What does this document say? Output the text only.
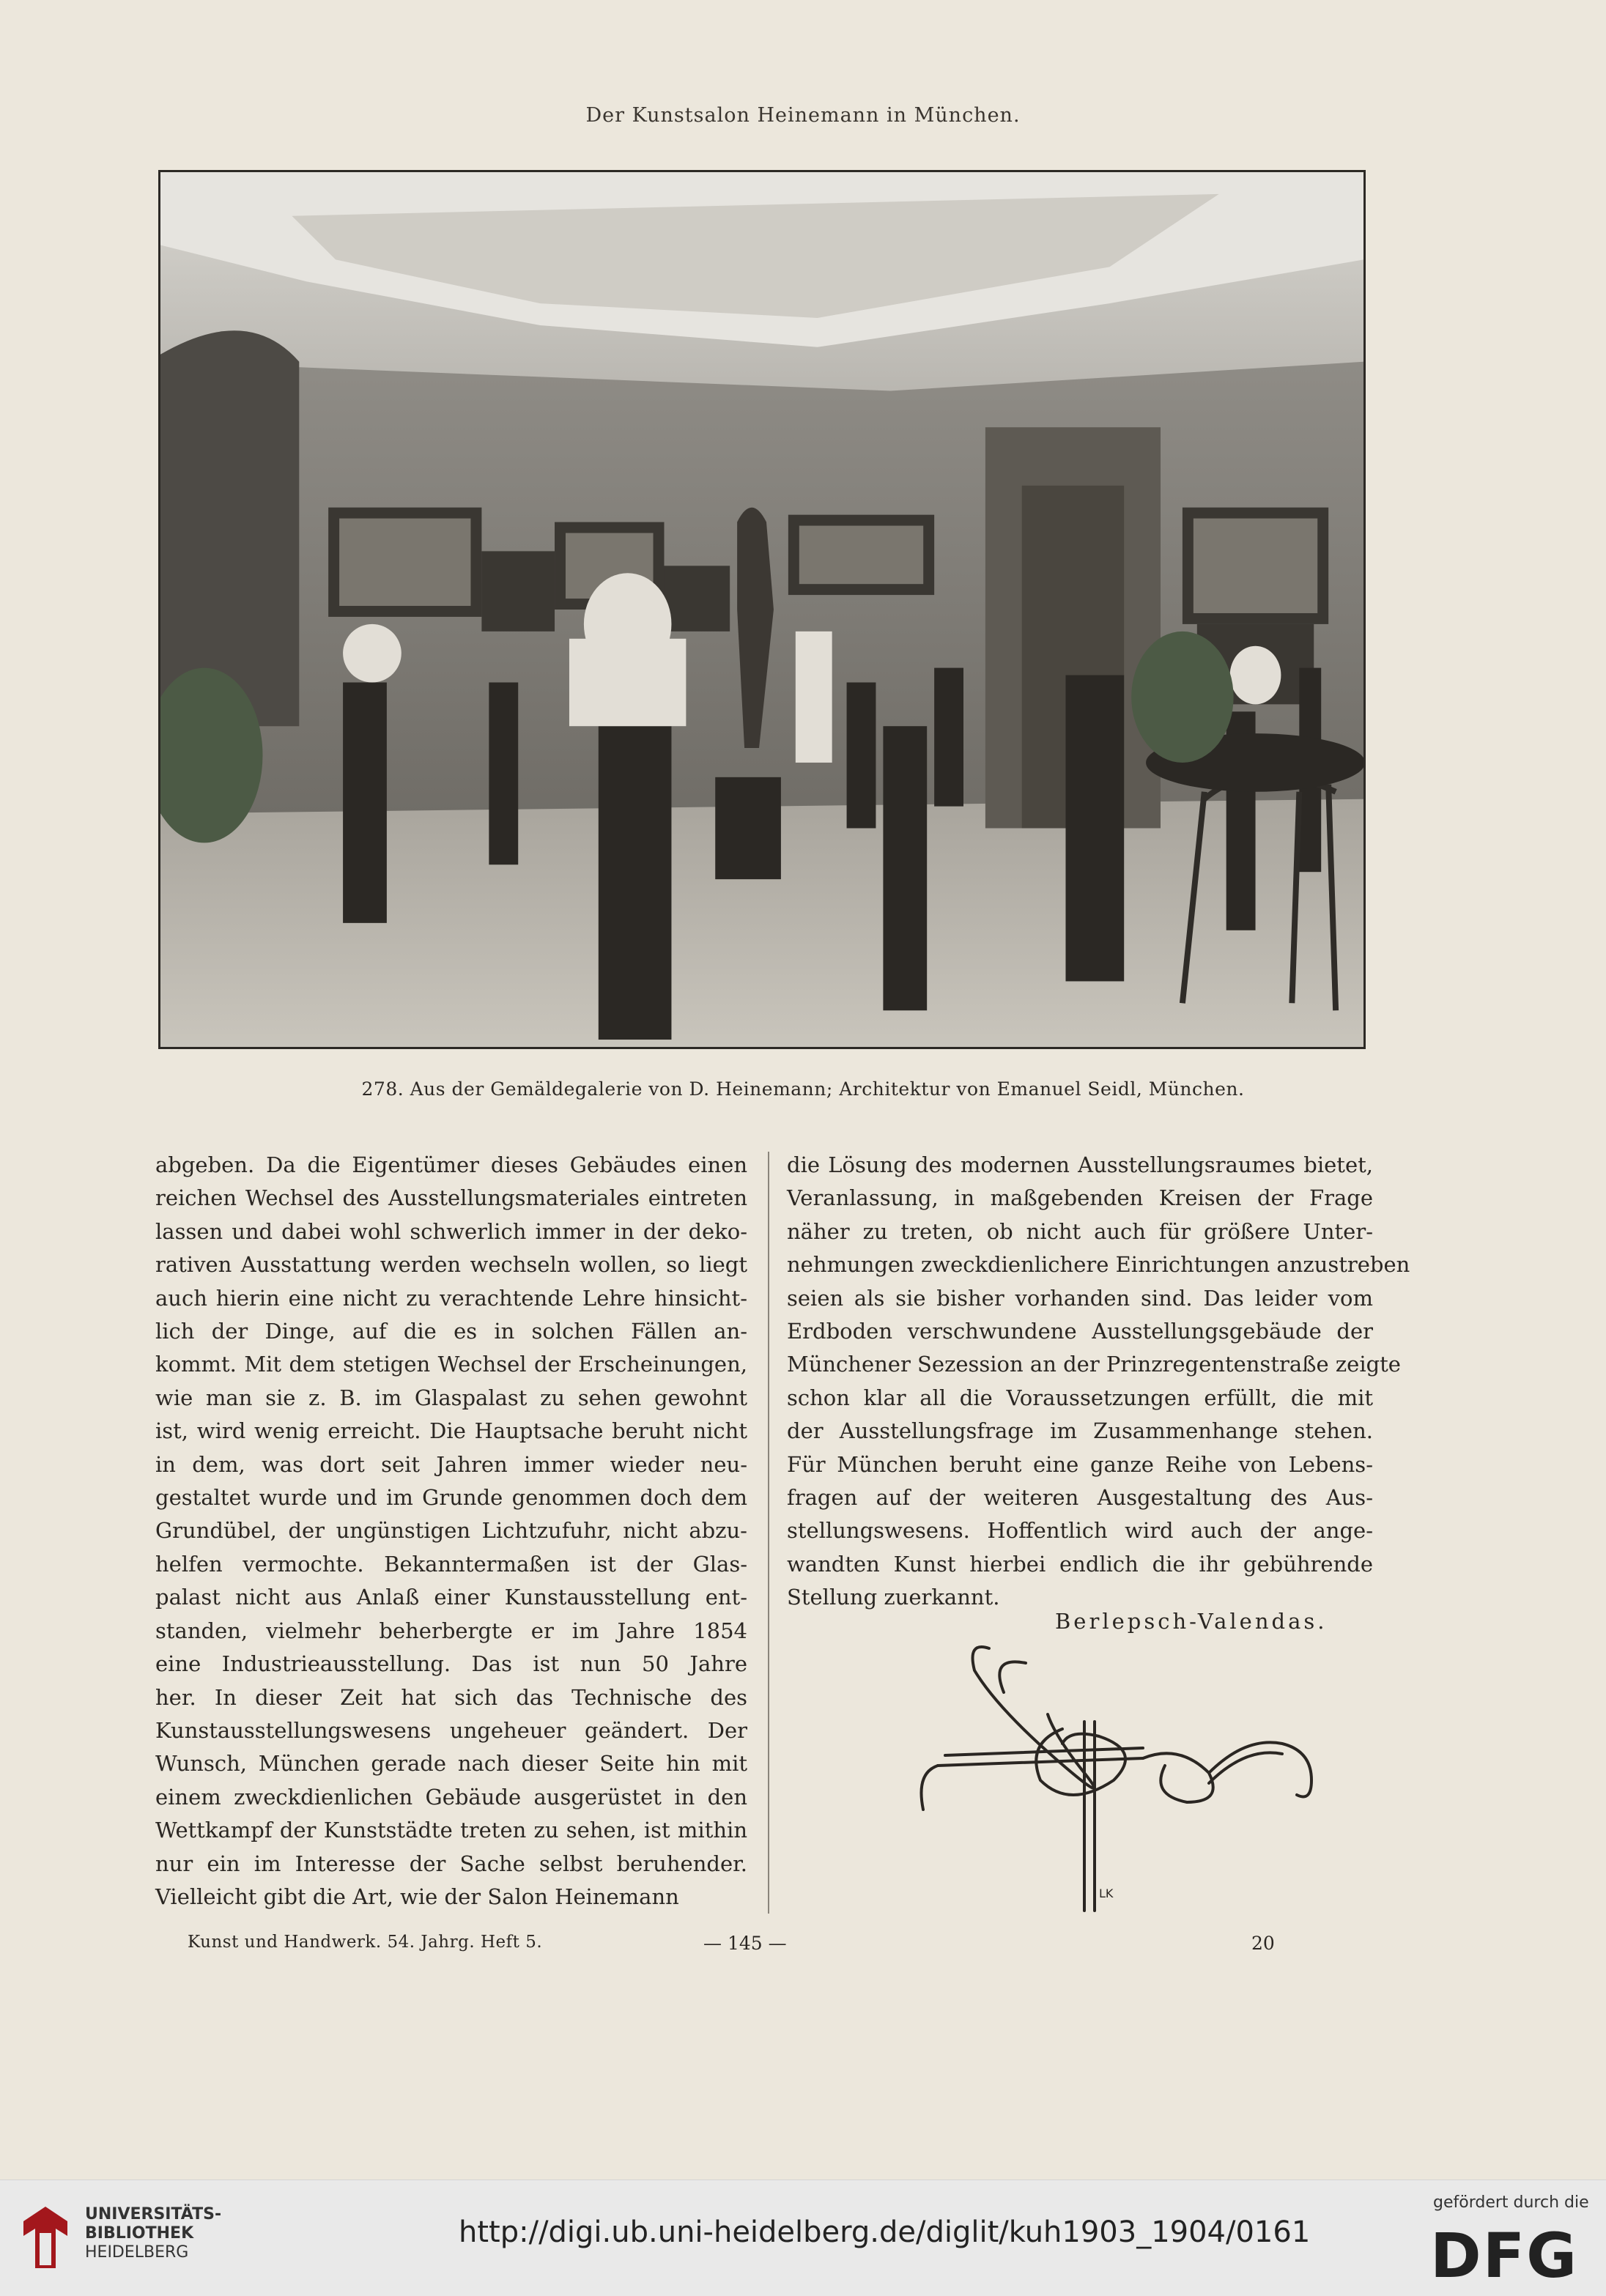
Der Kunstsalon Heinemann in München.
278. Aus der Gemäldegalerie von D. Heinemann; Architektur von Emanuel Seidl, München.
abgeben. Da die Eigentümer dieses Gebäudes einen
reichen Wechsel des Ausstellungsmateriales eintreten
lassen und dabei wohl schwerlich immer in der deko-
rativen Ausstattung werden wechseln wollen, so liegt
auch hierin eine nicht zu verachtende Lehre hinsicht-
lich der Dinge, auf die es in solchen Fällen an-
kommt. Mit dem stetigen Wechsel der Erscheinungen,
wie man sie z. B. im Glaspalast zu sehen gewohnt
ist, wird wenig erreicht. Die Hauptsache beruht nicht
in dem, was dort seit Jahren immer wieder neu-
gestaltet wurde und im Grunde genommen doch dem
Grundübel, der ungünstigen Lichtzufuhr, nicht abzu-
helfen vermochte. Bekanntermaßen ist der Glas-
palast nicht aus Anlaß einer Kunstausstellung ent-
standen, vielmehr beherbergte er im Jahre 1854
eine Industrieausstellung. Das ist nun 50 Jahre
her. In dieser Zeit hat sich das Technische des
Kunstausstellungswesens ungeheuer geändert. Der
Wunsch, München gerade nach dieser Seite hin mit
einem zweckdienlichen Gebäude ausgerüstet in den
Wettkampf der Kunststädte treten zu sehen, ist mithin
nur ein im Interesse der Sache selbst beruhender.
Vielleicht gibt die Art, wie der Salon Heinemann
die Lösung des modernen Ausstellungsraumes bietet,
Veranlassung, in maßgebenden Kreisen der Frage
näher zu treten, ob nicht auch für größere Unter-
nehmungen zweckdienlichere Einrichtungen anzustreben
seien als sie bisher vorhanden sind. Das leider vom
Erdboden verschwundene Ausstellungsgebäude der
Münchener Sezession an der Prinzregentenstraße zeigte
schon klar all die Voraussetzungen erfüllt, die mit
der Ausstellungsfrage im Zusammenhange stehen.
Für München beruht eine ganze Reihe von Lebens-
fragen auf der weiteren Ausgestaltung des Aus-
stellungswesens. Hoffentlich wird auch der ange-
wandten Kunst hierbei endlich die ihr gebührende
Stellung zuerkannt.
Berlepsch-Valendas.
LK
Kunst und Handwerk. 54. Jahrg. Heft 5.	— 145 —	20
UNIVERSITÄTS-
BIBLIOTHEK
HEIDELBERG
http://digi.ub.uni-heidelberg.de/diglit/kuh1903_1904/0161
gefördert durch die
DFG
